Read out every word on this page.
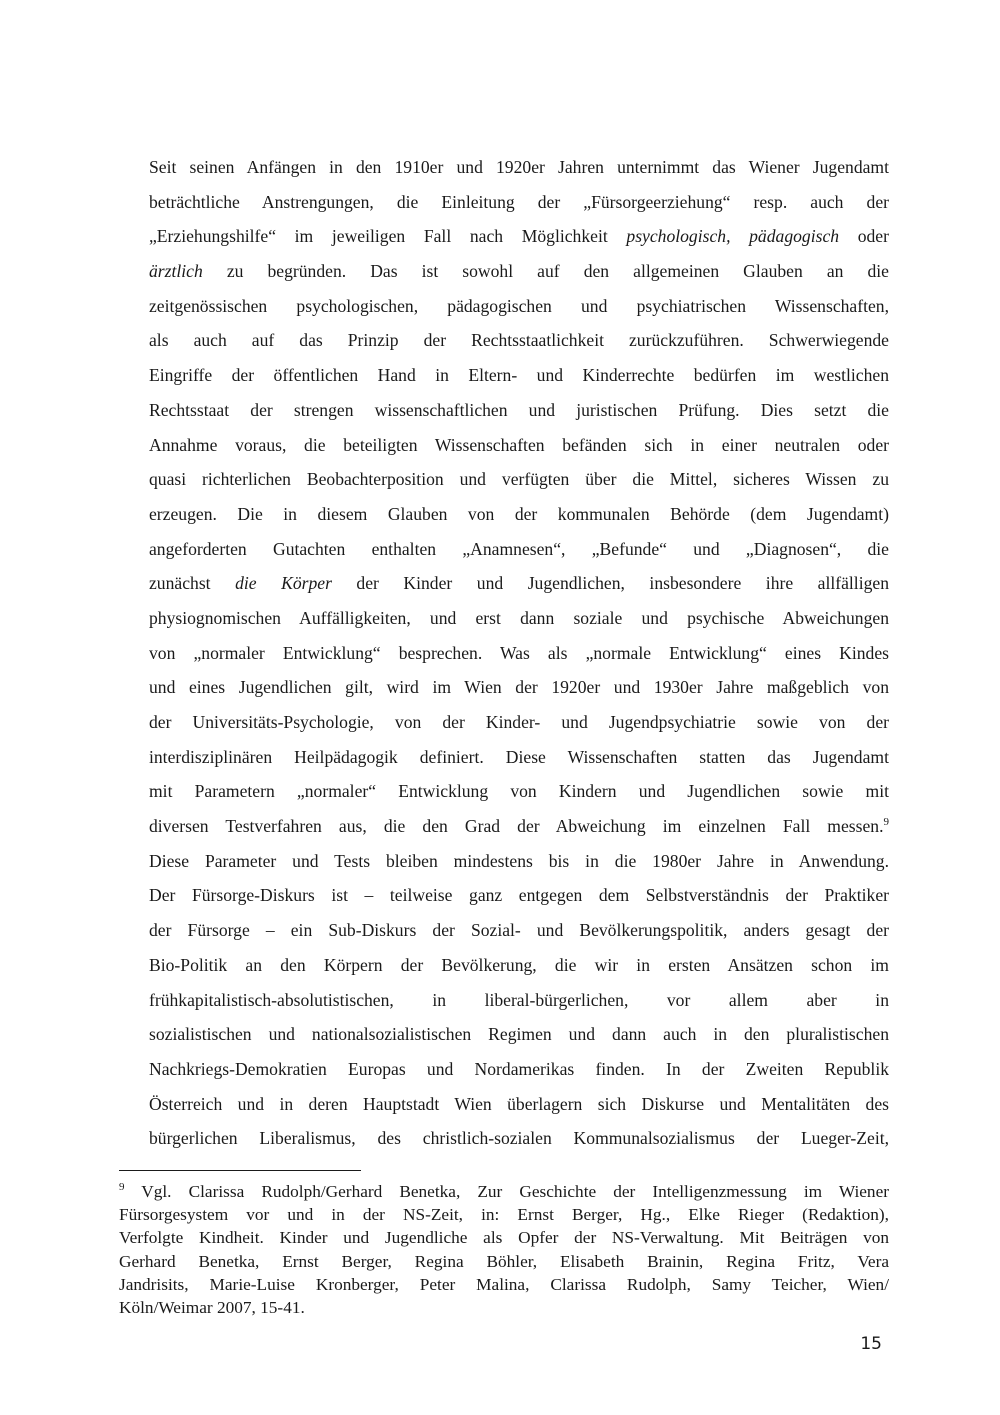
Seit seinen Anfängen in den 1910er und 1920er Jahren unternimmt das Wiener Jugendamt
beträchtliche Anstrengungen, die Einleitung der „Fürsorgeerziehung“ resp. auch der
„Erziehungshilfe“ im jeweiligen Fall nach Möglichkeit psychologisch, pädagogisch oder
ärztlich zu begründen. Das ist sowohl auf den allgemeinen Glauben an die
zeitgenössischen psychologischen, pädagogischen und psychiatrischen Wissenschaften,
als auch auf das Prinzip der Rechtsstaatlichkeit zurückzuführen. Schwerwiegende
Eingriffe der öffentlichen Hand in Eltern- und Kinderrechte bedürfen im westlichen
Rechtsstaat der strengen wissenschaftlichen und juristischen Prüfung. Dies setzt die
Annahme voraus, die beteiligten Wissenschaften befänden sich in einer neutralen oder
quasi richterlichen Beobachterposition und verfügten über die Mittel, sicheres Wissen zu
erzeugen. Die in diesem Glauben von der kommunalen Behörde (dem Jugendamt)
angeforderten Gutachten enthalten „Anamnesen“, „Befunde“ und „Diagnosen“, die
zunächst die Körper der Kinder und Jugendlichen, insbesondere ihre allfälligen
physiognomischen Auffälligkeiten, und erst dann soziale und psychische Abweichungen
von „normaler Entwicklung“ besprechen. Was als „normale Entwicklung“ eines Kindes
und eines Jugendlichen gilt, wird im Wien der 1920er und 1930er Jahre maßgeblich von
der Universitäts-Psychologie, von der Kinder- und Jugendpsychiatrie sowie von der
interdisziplinären Heilpädagogik definiert. Diese Wissenschaften statten das Jugendamt
mit Parametern „normaler“ Entwicklung von Kindern und Jugendlichen sowie mit
diversen Testverfahren aus, die den Grad der Abweichung im einzelnen Fall messen.$^9$
Diese Parameter und Tests bleiben mindestens bis in die 1980er Jahre in Anwendung.
Der Fürsorge-Diskurs ist – teilweise ganz entgegen dem Selbstverständnis der Praktiker
der Fürsorge – ein Sub-Diskurs der Sozial- und Bevölkerungspolitik, anders gesagt der
Bio-Politik an den Körpern der Bevölkerung, die wir in ersten Ansätzen schon im
frühkapitalistisch-absolutistischen, in liberal-bürgerlichen, vor allem aber in
sozialistischen und nationalsozialistischen Regimen und dann auch in den pluralistischen
Nachkriegs-Demokratien Europas und Nordamerikas finden. In der Zweiten Republik
Österreich und in deren Hauptstadt Wien überlagern sich Diskurse und Mentalitäten des
bürgerlichen Liberalismus, des christlich-sozialen Kommunalsozialismus der Lueger-Zeit,
$^9$ Vgl. Clarissa Rudolph/Gerhard Benetka, Zur Geschichte der Intelligenzmessung im Wiener
Fürsorgesystem vor und in der NS-Zeit, in: Ernst Berger, Hg., Elke Rieger (Redaktion),
Verfolgte Kindheit. Kinder und Jugendliche als Opfer der NS-Verwaltung. Mit Beiträgen von
Gerhard Benetka, Ernst Berger, Regina Böhler, Elisabeth Brainin, Regina Fritz, Vera
Jandrisits, Marie-Luise Kronberger, Peter Malina, Clarissa Rudolph, Samy Teicher, Wien/
Köln/Weimar 2007, 15-41.
15
